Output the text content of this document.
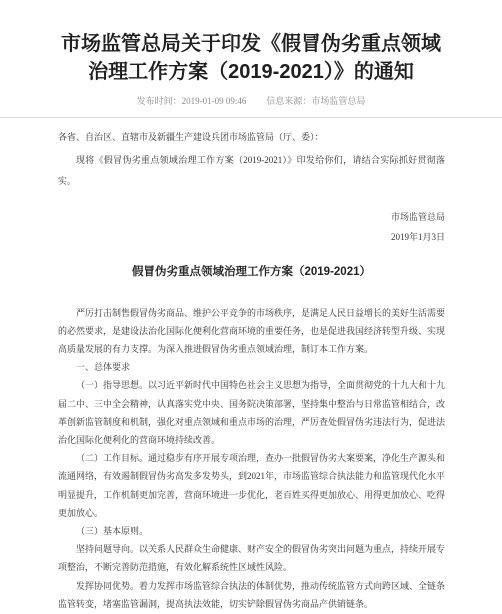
市场监管总局关于印发《假冒伪劣重点领域
治理工作方案（2019-2021）》的通知
发布时间：2019-01-09 09:46 信息来源：市场监管总局
各省、自治区、直辖市及新疆生产建设兵团市场监管局（厅、委）：
现将《假冒伪劣重点领域治理工作方案（2019-2021）》印发给你们，请结合实际抓好贯彻落
实。
市场监管总局
2019年1月3日
假冒伪劣重点领域治理工作方案（2019-2021）
严厉打击制售假冒伪劣商品、维护公平竞争的市场秩序，是满足人民日益增长的美好生活需要
的必然要求，是建设法治化国际化便利化营商环境的重要任务，也是促进我国经济转型升级、实现
高质量发展的有力支撑。为深入推进假冒伪劣重点领域治理，制订本工作方案。
一、总体要求
（一）指导思想。以习近平新时代中国特色社会主义思想为指导，全面贯彻党的十九大和十九
届二中、三中全会精神，认真落实党中央、国务院决策部署，坚持集中整治与日常监管相结合，改
革创新监管制度和机制，强化对重点领域和重点市场的治理，严厉查处假冒伪劣违法行为，促进法
治化国际化便利化的营商环境持续改善。
（二）工作目标。通过稳步有序开展专项治理，查办一批假冒伪劣大案要案，净化生产源头和
流通网络，有效遏制假冒伪劣高发多发势头，到2021年，市场监管综合执法能力和监管现代化水平
明显提升，工作机制更加完善，营商环境进一步优化，老百姓买得更加放心、用得更加放心、吃得
更加放心。
（三）基本原则。
坚持问题导向。以关系人民群众生命健康、财产安全的假冒伪劣突出问题为重点，持续开展专
项整治，不断完善防范措施，有效化解系统性区域性风险。
发挥协同优势。着力发挥市场监管综合执法的体制优势，推动传统监管方式向跨区域、全链条
监管转变，堵塞监管漏洞，提高执法效能，切实铲除假冒伪劣商品产供销链条。
